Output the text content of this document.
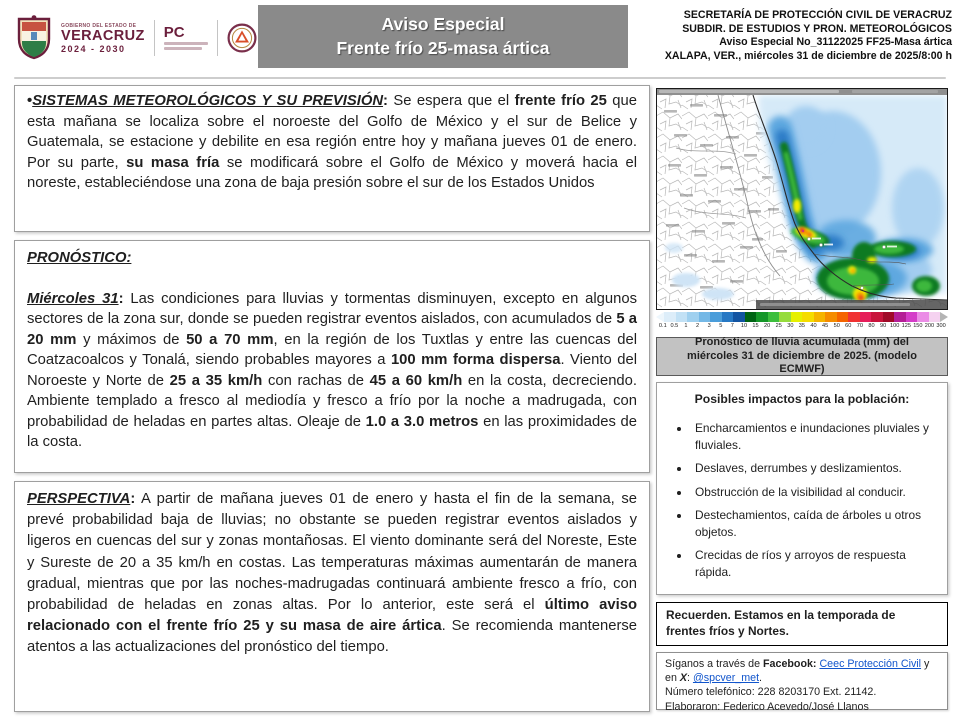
GOBIERNO DEL ESTADO DE
VERACRUZ
2024 - 2030
PC	Aviso Especial
Frente frío 25-masa ártica
SECRETARÍA DE PROTECCIÓN CIVIL DE VERACRUZ
SUBDIR. DE ESTUDIOS Y PRON. METEOROLÓGICOS
Aviso Especial No_31122025 FF25-Masa ártica
XALAPA, VER., miércoles 31 de diciembre de 2025/8:00 h
•SISTEMAS METEOROLÓGICOS Y SU PREVISIÓN: Se espera que el frente frío 25 que esta mañana se localiza sobre el noroeste del Golfo de México y el sur de Belice y Guatemala, se estacione y debilite en esa región entre hoy y mañana jueves 01 de enero. Por su parte, su masa fría se modificará sobre el Golfo de México y moverá hacia el noreste, estableciéndose una zona de baja presión sobre el sur de los Estados Unidos
PRONÓSTICO:
Miércoles 31: Las condiciones para lluvias y tormentas disminuyen, excepto en algunos sectores de la zona sur, donde se pueden registrar eventos aislados, con acumulados de 5 a 20 mm y máximos de 50 a 70 mm, en la región de los Tuxtlas y entre las cuencas del Coatzacoalcos y Tonalá, siendo probables mayores a 100 mm forma dispersa. Viento del Noroeste y Norte de 25 a 35 km/h con rachas de 45 a 60 km/h en la costa, decreciendo. Ambiente templado a fresco al mediodía y fresco a frío por la noche a madrugada, con probabilidad de heladas en partes altas. Oleaje de 1.0 a 3.0 metros en las proximidades de la costa.
PERSPECTIVA: A partir de mañana jueves 01 de enero y hasta el fin de la semana, se prevé probabilidad baja de lluvias; no obstante se pueden registrar eventos aislados y ligeros en cuencas del sur y zonas montañosas. El viento dominante será del Noreste, Este y Sureste de 20 a 35 km/h en costas. Las temperaturas máximas aumentarán de manera gradual, mientras que por las noches-madrugadas continuará ambiente fresco a frío, con probabilidad de heladas en zonas altas. Por lo anterior, este será el último aviso relacionado con el frente frío 25 y su masa de aire ártica. Se recomienda mantenerse atentos a las actualizaciones del pronóstico del tiempo.
0.1 0.5	1	2	3	5	7	10 15 20 25 30 35 40 45 50 60 70 80 90 100 125 150 200 300
Pronóstico de lluvia acumulada (mm) del miércoles 31 de diciembre de 2025. (modelo ECMWF)
Posibles impactos para la población:
• Encharcamientos e inundaciones pluviales y fluviales.
• Deslaves, derrumbes y deslizamientos.
• Obstrucción de la visibilidad al conducir.
• Destechamientos, caída de árboles u otros objetos.
• Crecidas de ríos y arroyos de respuesta rápida.
Recuerden. Estamos en la temporada de frentes fríos y Nortes.
Síganos a través de Facebook: Ceec Protección Civil y en X: @spcver_met.
Número telefónico: 228 8203170 Ext. 21142.
Elaboraron: Federico Acevedo/José Llanos
